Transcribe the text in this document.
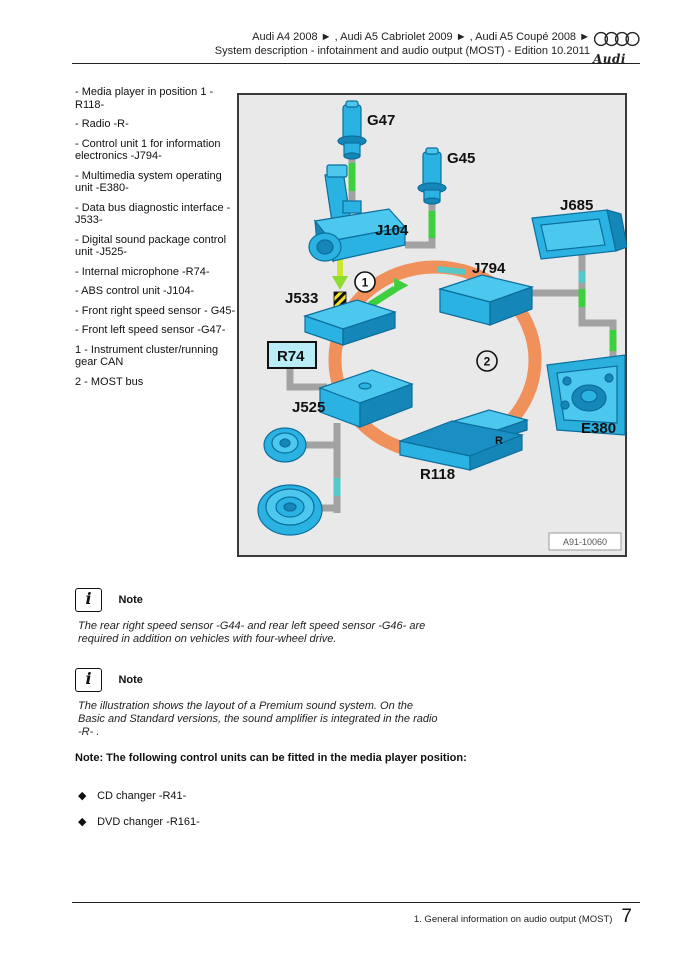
Audi A4 2008 ► , Audi A5 Cabriolet 2009 ► , Audi A5 Coupé 2008 ►
System description - infotainment and audio output (MOST) - Edition 10.2011
Audi

- Media player in position 1 - R118-

- Radio -R-

- Control unit 1 for information electronics -J794-

- Multimedia system operating unit -E380-

- Data bus diagnostic interface -J533-

- Digital sound package control unit -J525-

- Internal microphone -R74-

- ABS control unit -J104-

- Front right speed sensor - G45-

- Front left speed sensor -G47-

1 - Instrument cluster/running gear CAN

2 - MOST bus

1
2
G47
G45
J104
J685
J794
J533
R74
J525
E380
R118
R
A91-10060
i Note
The rear right speed sensor -G44- and rear left speed sensor -G46- are required in addition on vehicles with four-wheel drive.
i Note
The illustration shows the layout of a Premium sound system. On the Basic and Standard versions, the sound amplifier is integrated in the radio -R- .
Note: The following control units can be fitted in the media player position:
◆ CD changer -R41-
◆ DVD changer -R161-
1. General information on audio output (MOST) 7
